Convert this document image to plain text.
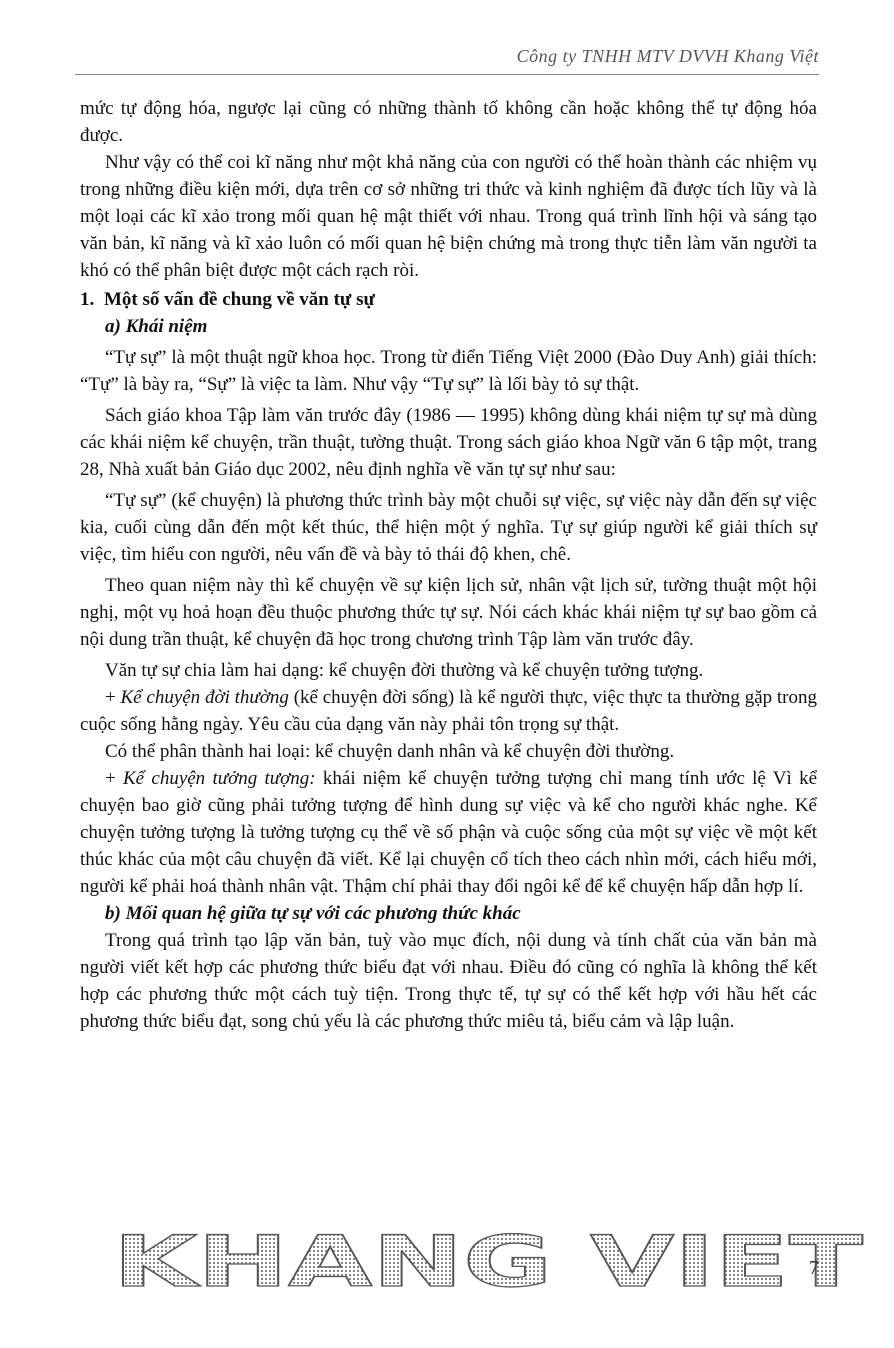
Công ty TNHH MTV DVVH Khang Việt

mức tự động hóa, ngược lại cũng có những thành tố không cần hoặc không thể tự động hóa được.

Như vậy có thể coi kĩ năng như một khả năng của con người có thể hoàn thành các nhiệm vụ trong những điều kiện mới, dựa trên cơ sở những tri thức và kinh nghiệm đã được tích lũy và là một loại các kĩ xảo trong mối quan hệ mật thiết với nhau. Trong quá trình lĩnh hội và sáng tạo văn bản, kĩ năng và kĩ xảo luôn có mối quan hệ biện chứng mà trong thực tiễn làm văn người ta khó có thể phân biệt được một cách rạch ròi.

1. Một số vấn đề chung về văn tự sự

a) Khái niệm

“Tự sự” là một thuật ngữ khoa học. Trong từ điển Tiếng Việt 2000 (Đào Duy Anh) giải thích: “Tự” là bày ra, “Sự” là việc ta làm. Như vậy “Tự sự” là lối bày tỏ sự thật.

Sách giáo khoa Tập làm văn trước đây (1986 — 1995) không dùng khái niệm tự sự mà dùng các khái niệm kể chuyện, trần thuật, tường thuật. Trong sách giáo khoa Ngữ văn 6 tập một, trang 28, Nhà xuất bản Giáo dục 2002, nêu định nghĩa về văn tự sự như sau:

“Tự sự” (kể chuyện) là phương thức trình bày một chuỗi sự việc, sự việc này dẫn đến sự việc kia, cuối cùng dẫn đến một kết thúc, thể hiện một ý nghĩa. Tự sự giúp người kể giải thích sự việc, tìm hiểu con người, nêu vấn đề và bày tỏ thái độ khen, chê.

Theo quan niệm này thì kể chuyện về sự kiện lịch sử, nhân vật lịch sử, tường thuật một hội nghị, một vụ hoả hoạn đều thuộc phương thức tự sự. Nói cách khác khái niệm tự sự bao gồm cả nội dung trần thuật, kể chuyện đã học trong chương trình Tập làm văn trước đây.

Văn tự sự chia làm hai dạng: kể chuyện đời thường và kể chuyện tưởng tượng.

+ Kể chuyện đời thường (kể chuyện đời sống) là kể người thực, việc thực ta thường gặp trong cuộc sống hằng ngày. Yêu cầu của dạng văn này phải tôn trọng sự thật.

Có thể phân thành hai loại: kể chuyện danh nhân và kể chuyện đời thường.

+ Kể chuyện tưởng tượng: khái niệm kể chuyện tưởng tượng chỉ mang tính ước lệ Vì kể chuyện bao giờ cũng phải tưởng tượng để hình dung sự việc và kể cho người khác nghe. Kể chuyện tưởng tượng là tưởng tượng cụ thể về số phận và cuộc sống của một sự việc về một kết thúc khác của một câu chuyện đã viết. Kể lại chuyện cổ tích theo cách nhìn mới, cách hiểu mới, người kể phải hoá thành nhân vật. Thậm chí phải thay đổi ngôi kể để kể chuyện hấp dẫn hợp lí.

b) Mối quan hệ giữa tự sự với các phương thức khác

Trong quá trình tạo lập văn bản, tuỳ vào mục đích, nội dung và tính chất của văn bản mà người viết kết hợp các phương thức biểu đạt với nhau. Điều đó cũng có nghĩa là không thể kết hợp các phương thức một cách tuỳ tiện. Trong thực tế, tự sự có thể kết hợp với hầu hết các phương thức biểu đạt, song chủ yếu là các phương thức miêu tả, biểu cảm và lập luận.

KHANG VIET
7
